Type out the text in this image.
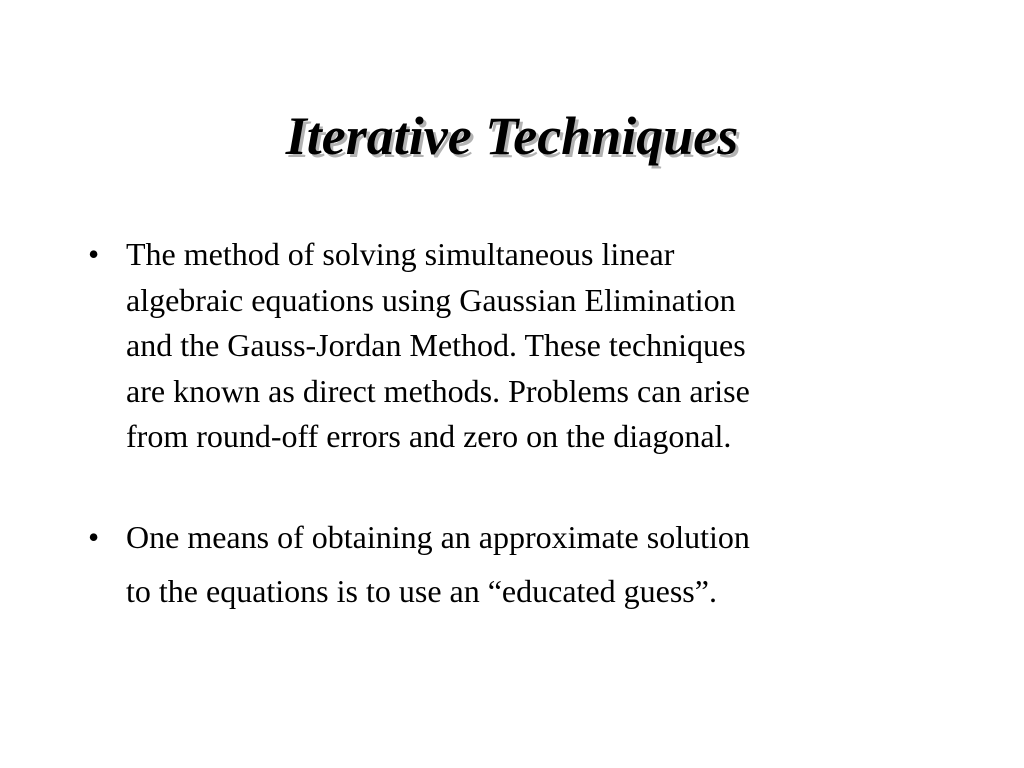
Iterative Techniques
• The method of solving simultaneous linear
algebraic equations using Gaussian Elimination
and the Gauss-Jordan Method. These techniques
are known as direct methods. Problems can arise
from round-off errors and zero on the diagonal.
• One means of obtaining an approximate solution
to the equations is to use an “educated guess”.
